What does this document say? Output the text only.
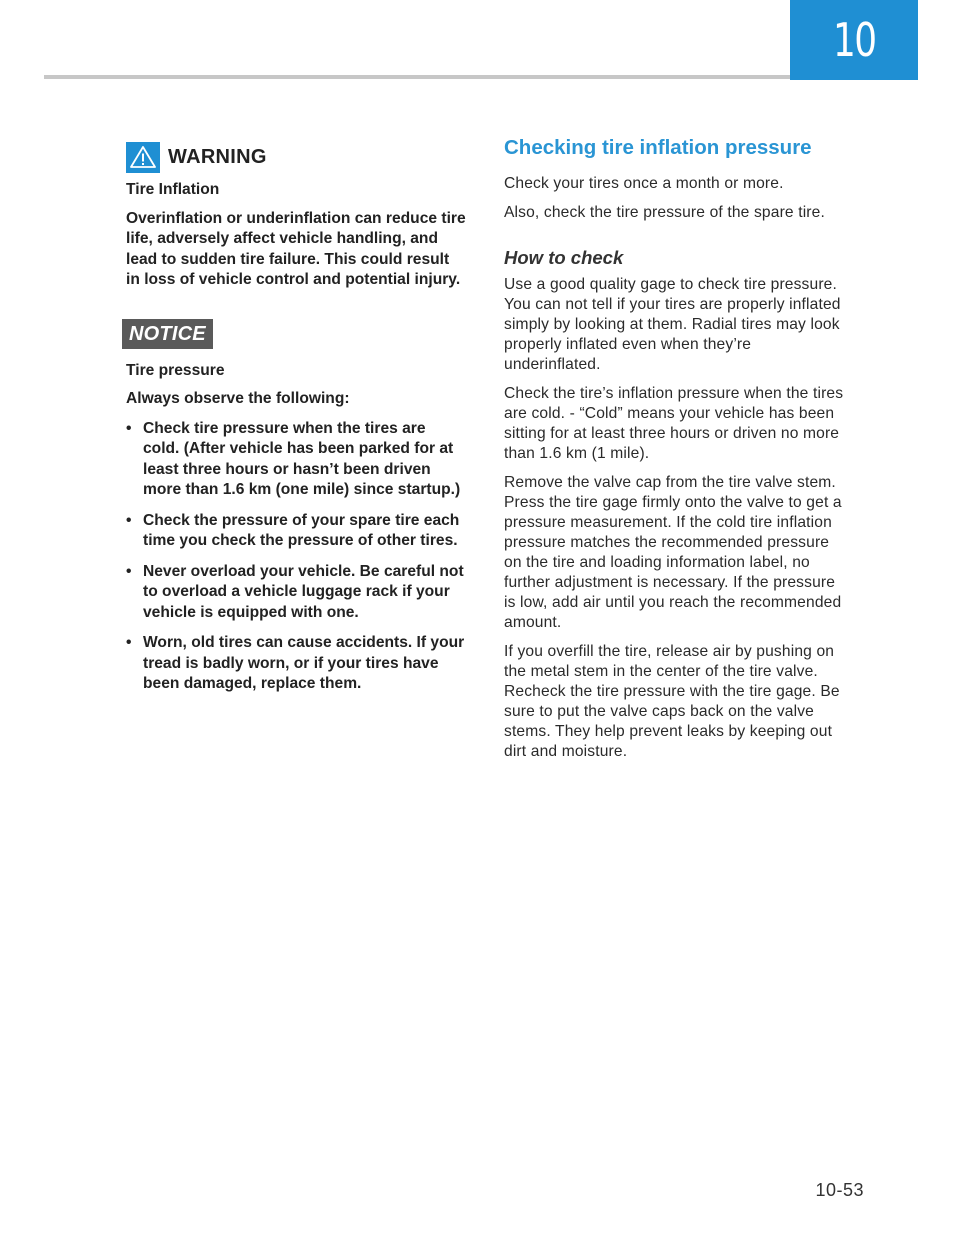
10
WARNING
Tire Inflation
Overinflation or underinflation can reduce tire life, adversely affect vehicle handling, and lead to sudden tire failure. This could result in loss of vehicle control and potential injury.
NOTICE
Tire pressure
Always observe the following:
• Check tire pressure when the tires are cold. (After vehicle has been parked for at least three hours or hasn’t been driven more than 1.6 km (one mile) since startup.)
• Check the pressure of your spare tire each time you check the pressure of other tires.
• Never overload your vehicle. Be careful not to overload a vehicle luggage rack if your vehicle is equipped with one.
• Worn, old tires can cause accidents. If your tread is badly worn, or if your tires have been damaged, replace them.
Checking tire inflation pressure

Check your tires once a month or more.

Also, check the tire pressure of the spare tire.

How to check

Use a good quality gage to check tire pressure. You can not tell if your tires are properly inflated simply by looking at them. Radial tires may look properly inflated even when they’re underinflated.

Check the tire’s inflation pressure when the tires are cold. - “Cold” means your vehicle has been sitting for at least three hours or driven no more than 1.6 km (1 mile).

Remove the valve cap from the tire valve stem. Press the tire gage firmly onto the valve to get a pressure measurement. If the cold tire inflation pressure matches the recommended pressure on the tire and loading information label, no further adjustment is necessary. If the pressure is low, add air until you reach the recommended amount.

If you overfill the tire, release air by pushing on the metal stem in the center of the tire valve. Recheck the tire pressure with the tire gage. Be sure to put the valve caps back on the valve stems. They help prevent leaks by keeping out dirt and moisture.

10-53
